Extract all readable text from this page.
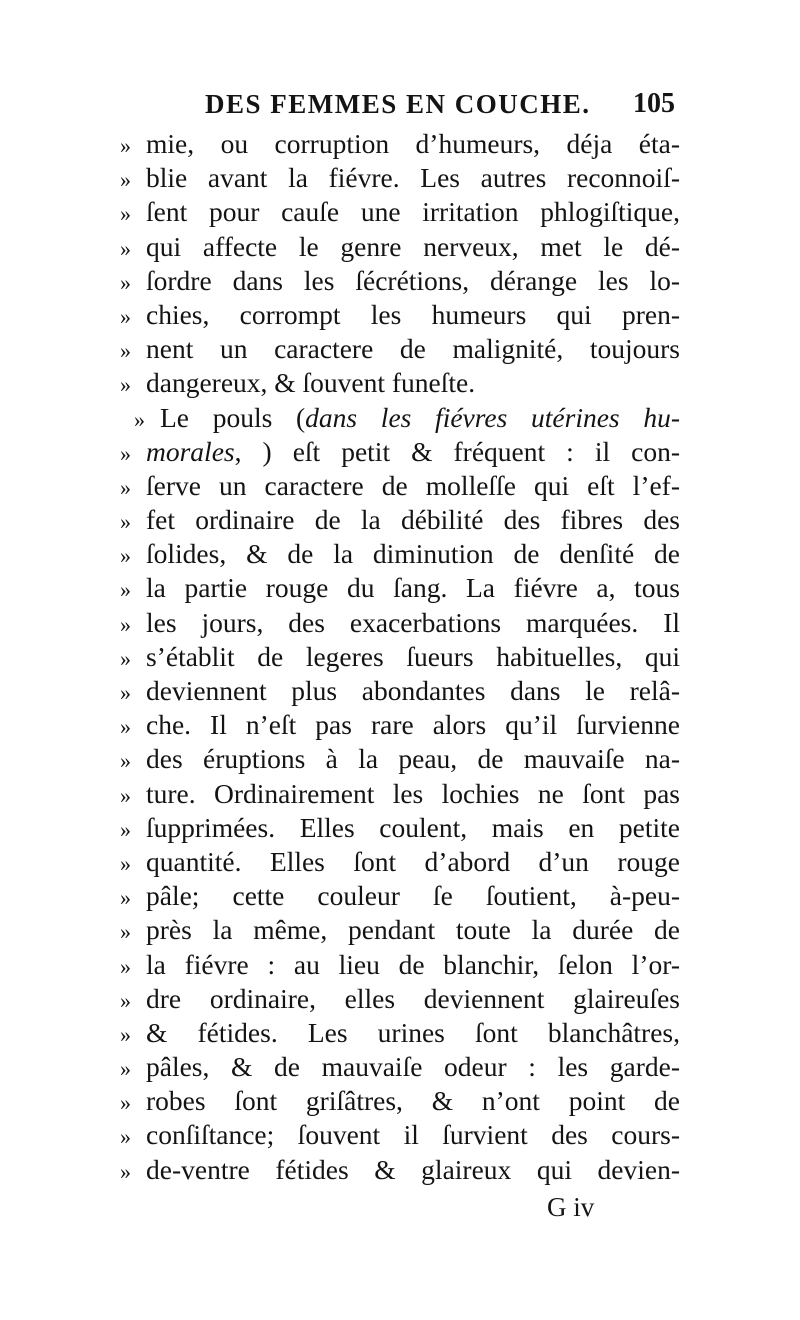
DES FEMMES EN COUCHE. 105
» mie, ou corruption d’humeurs, déja éta-
» blie avant la fiévre. Les autres reconnoiſ-
» ſent pour cauſe une irritation phlogiſtique,
» qui affecte le genre nerveux, met le dé-
» ſordre dans les ſécrétions, dérange les lo-
» chies, corrompt les humeurs qui pren-
» nent un caractere de malignité, toujours
» dangereux, & ſouvent funeſte.
» Le pouls (dans les fiévres utérines hu-
» morales, ) eſt petit & fréquent : il con-
» ſerve un caractere de molleſſe qui eſt l’ef-
» fet ordinaire de la débilité des fibres des
» ſolides, & de la diminution de denſité de
» la partie rouge du ſang. La fiévre a, tous
» les jours, des exacerbations marquées. Il
» s’établit de legeres ſueurs habituelles, qui
» deviennent plus abondantes dans le relâ-
» che. Il n’eſt pas rare alors qu’il ſurvienne
» des éruptions à la peau, de mauvaiſe na-
» ture. Ordinairement les lochies ne ſont pas
» ſupprimées. Elles coulent, mais en petite
» quantité. Elles ſont d’abord d’un rouge
» pâle; cette couleur ſe ſoutient, à-peu-
» près la même, pendant toute la durée de
» la fiévre : au lieu de blanchir, ſelon l’or-
» dre ordinaire, elles deviennent glaireuſes
» & fétides. Les urines ſont blanchâtres,
» pâles, & de mauvaiſe odeur : les garde-
» robes ſont griſâtres, & n’ont point de
» conſiſtance; ſouvent il ſurvient des cours-
» de-ventre fétides & glaireux qui devien-
G iv
